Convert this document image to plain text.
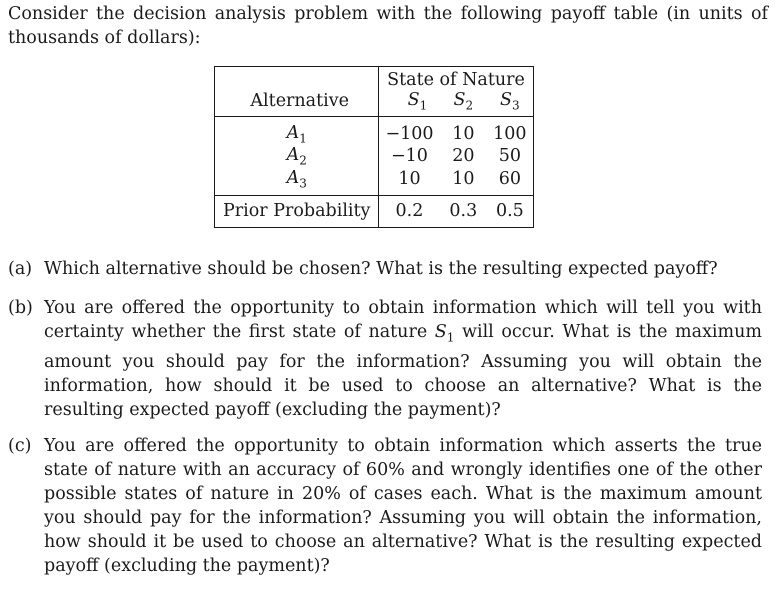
Consider the decision analysis problem with the following payoff table (in units of thousands of dollars):
	State of Nature		
Alternative	$S_1$	$S_2$	$S_3$
$A_1$	−100	10	100
$A_2$	−10	20	50
$A_3$	10	10	60
Prior Probability	0.2	0.3	0.5
(a) Which alternative should be chosen? What is the resulting expected payoff?
(b) You are offered the opportunity to obtain information which will tell you with certainty whether the first state of nature $S_1$ will occur. What is the maximum amount you should pay for the information? Assuming you will obtain the information, how should it be used to choose an alternative? What is the resulting expected payoff (excluding the payment)?
(c) You are offered the opportunity to obtain information which asserts the true state of nature with an accuracy of 60% and wrongly identifies one of the other possible states of nature in 20% of cases each. What is the maximum amount you should pay for the information? Assuming you will obtain the information, how should it be used to choose an alternative? What is the resulting expected payoff (excluding the payment)?
